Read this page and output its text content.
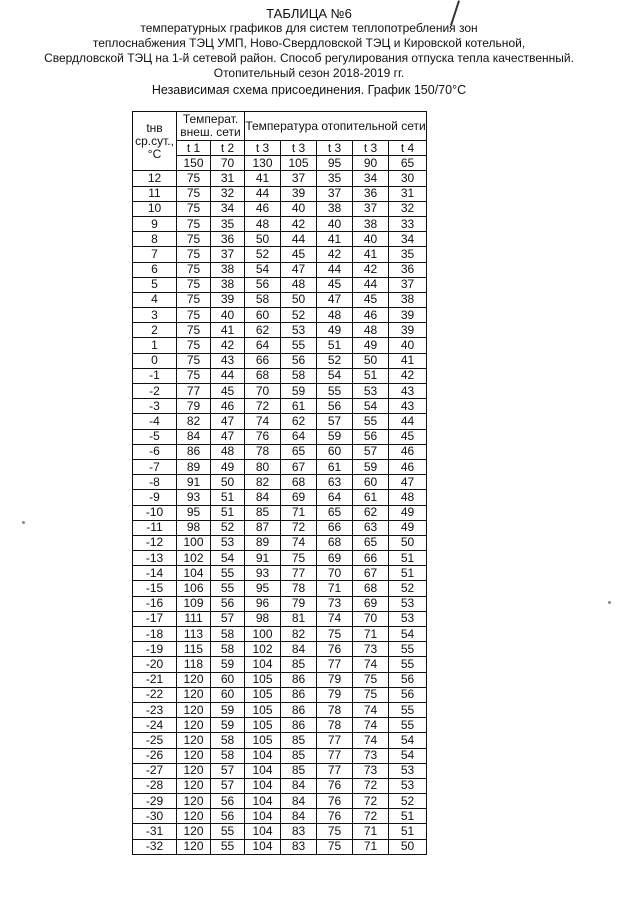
ТАБЛИЦА №6
температурных графиков для систем теплопотребления зон
теплоснабжения ТЭЦ УМП, Ново-Свердловской ТЭЦ и Кировской котельной,
Свердловской ТЭЦ на 1-й сетевой район. Способ регулирования отпуска тепла качественный.
Отопительный сезон 2018-2019 гг.
Независимая схема присоединения. График 150/70°С
tнв ср.сут., °С	Температ. внеш. сети		Температура отопительной сети				
	t 1	t 2	t 3	t 3	t 3	t 3	t 4
	150	70	130	105	95	90	65
12	75	31	41	37	35	34	30
11	75	32	44	39	37	36	31
10	75	34	46	40	38	37	32
9	75	35	48	42	40	38	33
8	75	36	50	44	41	40	34
7	75	37	52	45	42	41	35
6	75	38	54	47	44	42	36
5	75	38	56	48	45	44	37
4	75	39	58	50	47	45	38
3	75	40	60	52	48	46	39
2	75	41	62	53	49	48	39
1	75	42	64	55	51	49	40
0	75	43	66	56	52	50	41
-1	75	44	68	58	54	51	42
-2	77	45	70	59	55	53	43
-3	79	46	72	61	56	54	43
-4	82	47	74	62	57	55	44
-5	84	47	76	64	59	56	45
-6	86	48	78	65	60	57	46
-7	89	49	80	67	61	59	46
-8	91	50	82	68	63	60	47
-9	93	51	84	69	64	61	48
-10	95	51	85	71	65	62	49
-11	98	52	87	72	66	63	49
-12	100	53	89	74	68	65	50
-13	102	54	91	75	69	66	51
-14	104	55	93	77	70	67	51
-15	106	55	95	78	71	68	52
-16	109	56	96	79	73	69	53
-17	111	57	98	81	74	70	53
-18	113	58	100	82	75	71	54
-19	115	58	102	84	76	73	55
-20	118	59	104	85	77	74	55
-21	120	60	105	86	79	75	56
-22	120	60	105	86	79	75	56
-23	120	59	105	86	78	74	55
-24	120	59	105	86	78	74	55
-25	120	58	105	85	77	74	54
-26	120	58	104	85	77	73	54
-27	120	57	104	85	77	73	53
-28	120	57	104	84	76	72	53
-29	120	56	104	84	76	72	52
-30	120	56	104	84	76	72	51
-31	120	55	104	83	75	71	51
-32	120	55	104	83	75	71	50
